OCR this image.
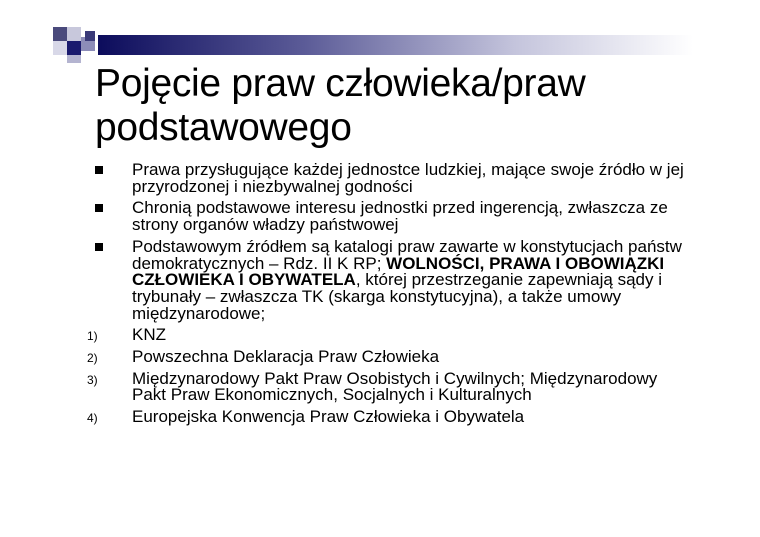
Pojęcie praw człowieka/praw
podstawowego
Prawa przysługujące każdej jednostce ludzkiej, mające swoje źródło w jej przyrodzonej i niezbywalnej godności
Chronią podstawowe interesu jednostki przed ingerencją, zwłaszcza ze strony organów władzy państwowej
Podstawowym źródłem są katalogi praw zawarte w konstytucjach państw demokratycznych – Rdz. II K RP; WOLNOŚCI, PRAWA I OBOWIĄZKI CZŁOWIEKA I OBYWATELA, której przestrzeganie zapewniają sądy i trybunały – zwłaszcza TK (skarga konstytucyjna), a także umowy międzynarodowe;
1) KNZ
2) Powszechna Deklaracja Praw Człowieka
3) Międzynarodowy Pakt Praw Osobistych i Cywilnych; Międzynarodowy Pakt Praw Ekonomicznych, Socjalnych i Kulturalnych
4) Europejska Konwencja Praw Człowieka i Obywatela
